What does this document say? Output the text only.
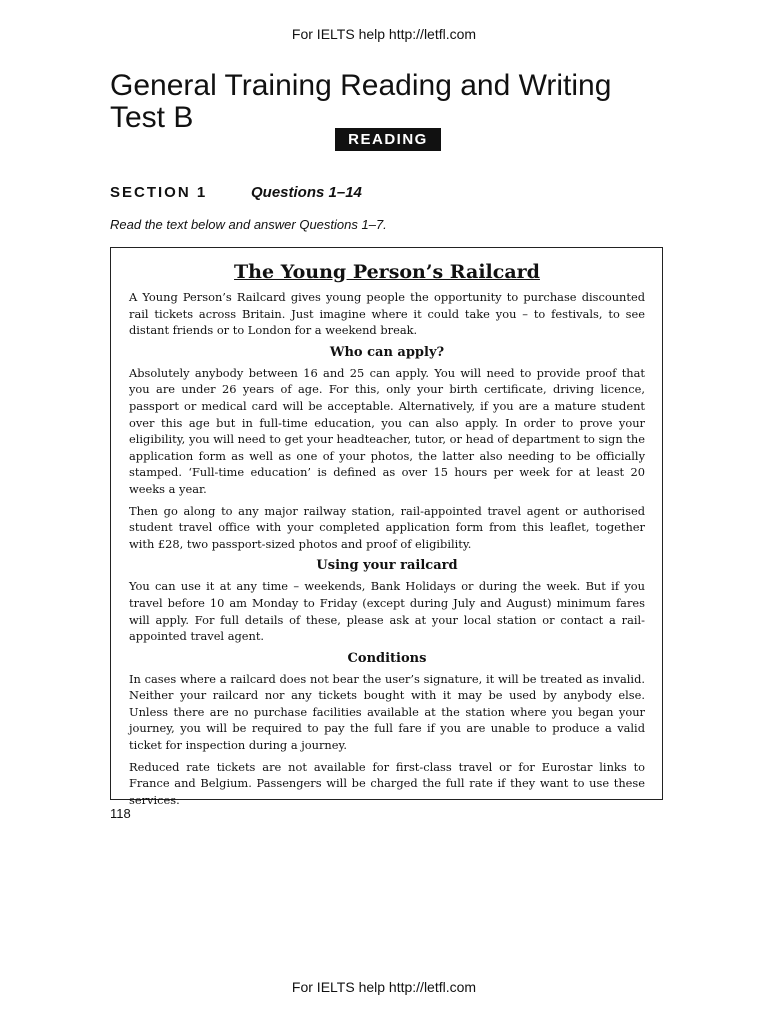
For IELTS help http://letfl.com
General Training Reading and Writing Test B
READING
SECTION 1	Questions 1–14
Read the text below and answer Questions 1–7.
The Young Person’s Railcard

A Young Person’s Railcard gives young people the opportunity to purchase discounted rail tickets across Britain. Just imagine where it could take you – to festivals, to see distant friends or to London for a weekend break.

Who can apply?

Absolutely anybody between 16 and 25 can apply. You will need to provide proof that you are under 26 years of age. For this, only your birth certificate, driving licence, passport or medical card will be acceptable. Alternatively, if you are a mature student over this age but in full-time education, you can also apply. In order to prove your eligibility, you will need to get your headteacher, tutor, or head of department to sign the application form as well as one of your photos, the latter also needing to be officially stamped. ‘Full-time education’ is defined as over 15 hours per week for at least 20 weeks a year.

Then go along to any major railway station, rail-appointed travel agent or authorised student travel office with your completed application form from this leaflet, together with £28, two passport-sized photos and proof of eligibility.

Using your railcard

You can use it at any time – weekends, Bank Holidays or during the week. But if you travel before 10 am Monday to Friday (except during July and August) minimum fares will apply. For full details of these, please ask at your local station or contact a rail-appointed travel agent.

Conditions

In cases where a railcard does not bear the user’s signature, it will be treated as invalid. Neither your railcard nor any tickets bought with it may be used by anybody else. Unless there are no purchase facilities available at the station where you began your journey, you will be required to pay the full fare if you are unable to produce a valid ticket for inspection during a journey.

Reduced rate tickets are not available for first-class travel or for Eurostar links to France and Belgium. Passengers will be charged the full rate if they want to use these services.

118
For IELTS help http://letfl.com
